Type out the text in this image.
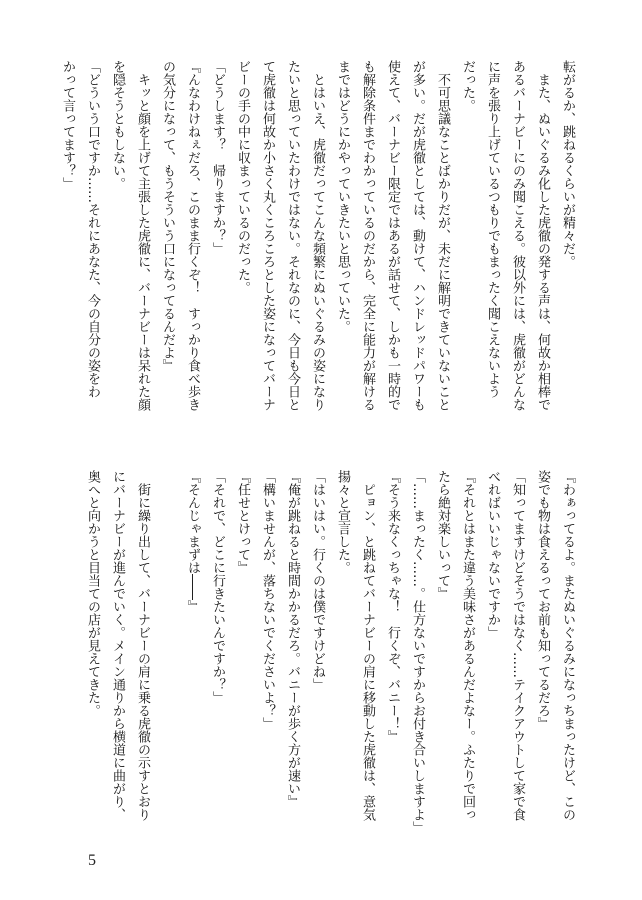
転がるか、跳ねるくらいが精々だ。
　また、ぬいぐるみ化した虎徹の発する声は、何故か相棒で
あるバーナビーにのみ聞こえる。彼以外には、虎徹がどんな
に声を張り上げているつもりでもまったく聞こえないよう
だった。
　不可思議なことばかりだが、未だに解明できていないこと
が多い。だが虎徹としては、動けて、ハンドレッドパワーも
使えて、バーナビー限定ではあるが話せて、しかも一時的で
も解除条件までわかっているのだから、完全に能力が解ける
まではどうにかやっていきたいと思っていた。
　とはいえ、虎徹だってこんな頻繁にぬいぐるみの姿になり
たいと思っていたわけではない。それなのに、今日も今日と
て虎徹は何故か小さく丸くころころとした姿になってバーナ
ビーの手の中に収まっているのだった。
「どうします？　帰りますか？」
『んなわけねぇだろ、このまま行くぞ！　すっかり食べ歩き
の気分になって、もうそういう口になってるんだよ』
　キッと顔を上げて主張した虎徹に、バーナビーは呆れた顔
を隠そうともしない。
「どういう口ですか……それにあなた、今の自分の姿をわ
かって言ってます？」
『わぁってるよ。またぬいぐるみになっちまったけど、この
姿でも物は食えるってお前も知ってるだろ』
「知ってますけどそうではなく……テイクアウトして家で食
べればいいじゃないですか」
『それとはまた違う美味さがあるんだよなー。ふたりで回っ
たら絶対楽しいって』
「……まったく……。仕方ないですからお付き合いしますよ」
『そう来なくっちゃな！　行くぞ、バニー！』
　ピョン、と跳ねてバーナビーの肩に移動した虎徹は、意気
揚々と宣言した。
「はいはい。行くのは僕ですけどね」
『俺が跳ねると時間かかるだろ。バニーが歩く方が速い』
「構いませんが、落ちないでくださいよ？」
『任せとけって』
「それで、どこに行きたいんですか？」
『そんじゃまずは――』

　街に繰り出して、バーナビーの肩に乗る虎徹の示すとおり
にバーナビーが進んでいく。メイン通りから横道に曲がり、
奥へと向かうと目当ての店が見えてきた。
5
